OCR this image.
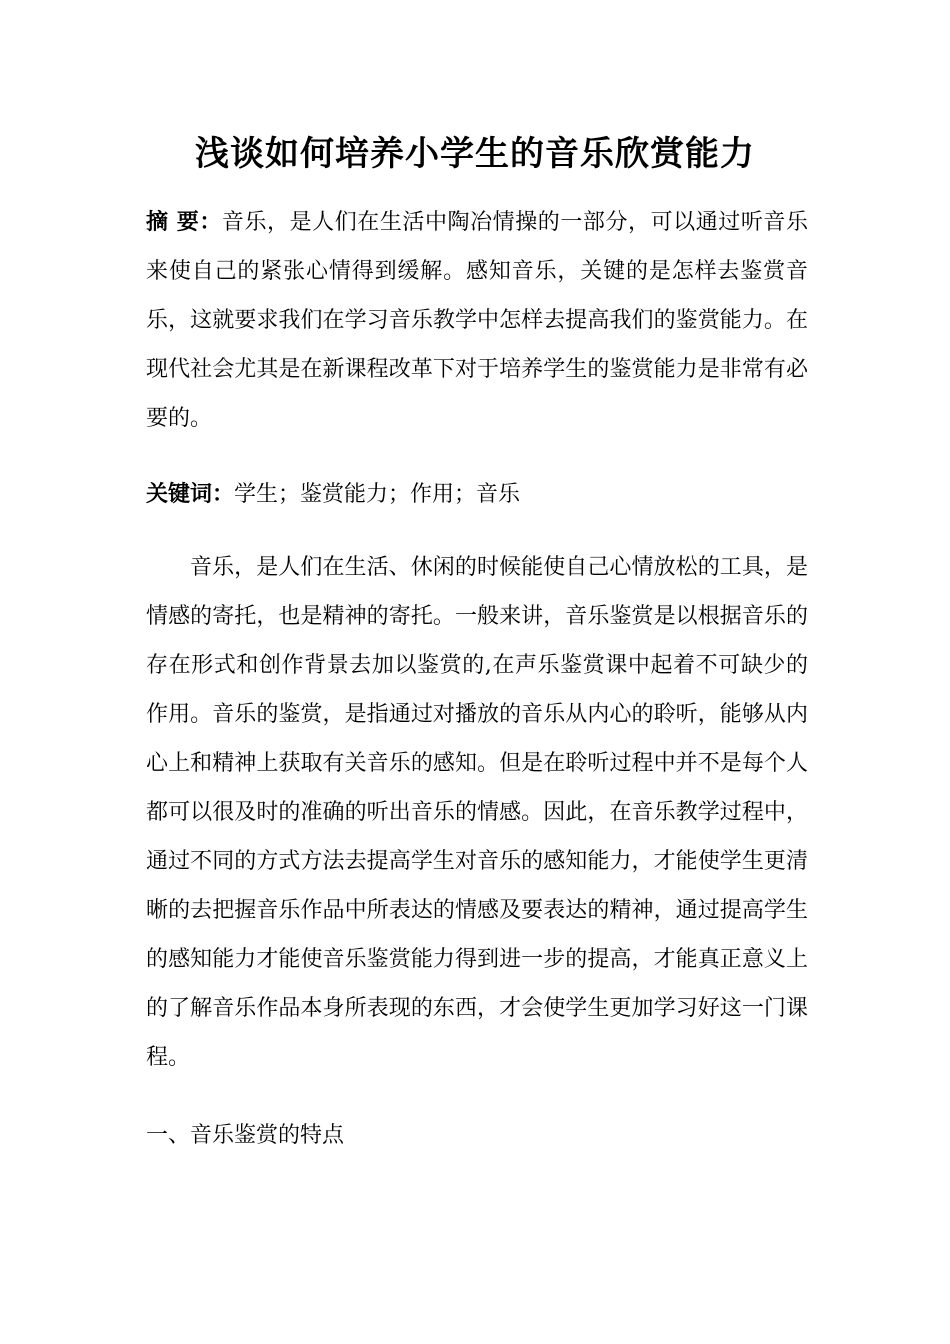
浅谈如何培养小学生的音乐欣赏能力

摘 要：音乐，是人们在生活中陶冶情操的一部分，可以通过听音乐来使自己的紧张心情得到缓解。感知音乐，关键的是怎样去鉴赏音乐，这就要求我们在学习音乐教学中怎样去提高我们的鉴赏能力。在现代社会尤其是在新课程改革下对于培养学生的鉴赏能力是非常有必要的。

关键词：学生；鉴赏能力；作用；音乐

音乐，是人们在生活、休闲的时候能使自己心情放松的工具，是情感的寄托，也是精神的寄托。一般来讲，音乐鉴赏是以根据音乐的存在形式和创作背景去加以鉴赏的,在声乐鉴赏课中起着不可缺少的作用。音乐的鉴赏，是指通过对播放的音乐从内心的聆听，能够从内心上和精神上获取有关音乐的感知。但是在聆听过程中并不是每个人都可以很及时的准确的听出音乐的情感。因此，在音乐教学过程中，通过不同的方式方法去提高学生对音乐的感知能力，才能使学生更清晰的去把握音乐作品中所表达的情感及要表达的精神，通过提高学生的感知能力才能使音乐鉴赏能力得到进一步的提高，才能真正意义上的了解音乐作品本身所表现的东西，才会使学生更加学习好这一门课程。

一、音乐鉴赏的特点
